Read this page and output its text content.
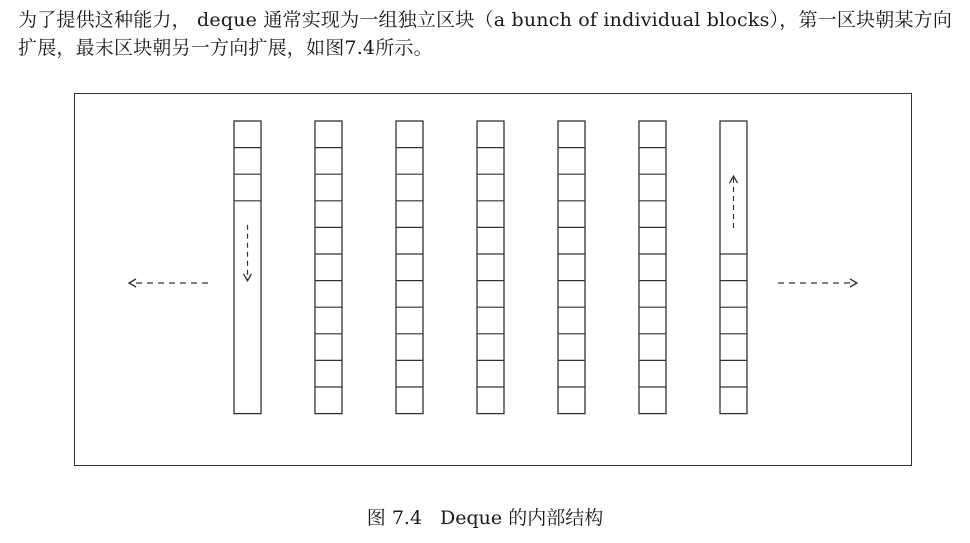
为了提供这种能力， deque 通常实现为一组独立区块（a bunch of individual blocks），第一区块朝某方向扩展，最末区块朝另一方向扩展，如图7.4所示。

图 7.4 Deque 的内部结构
